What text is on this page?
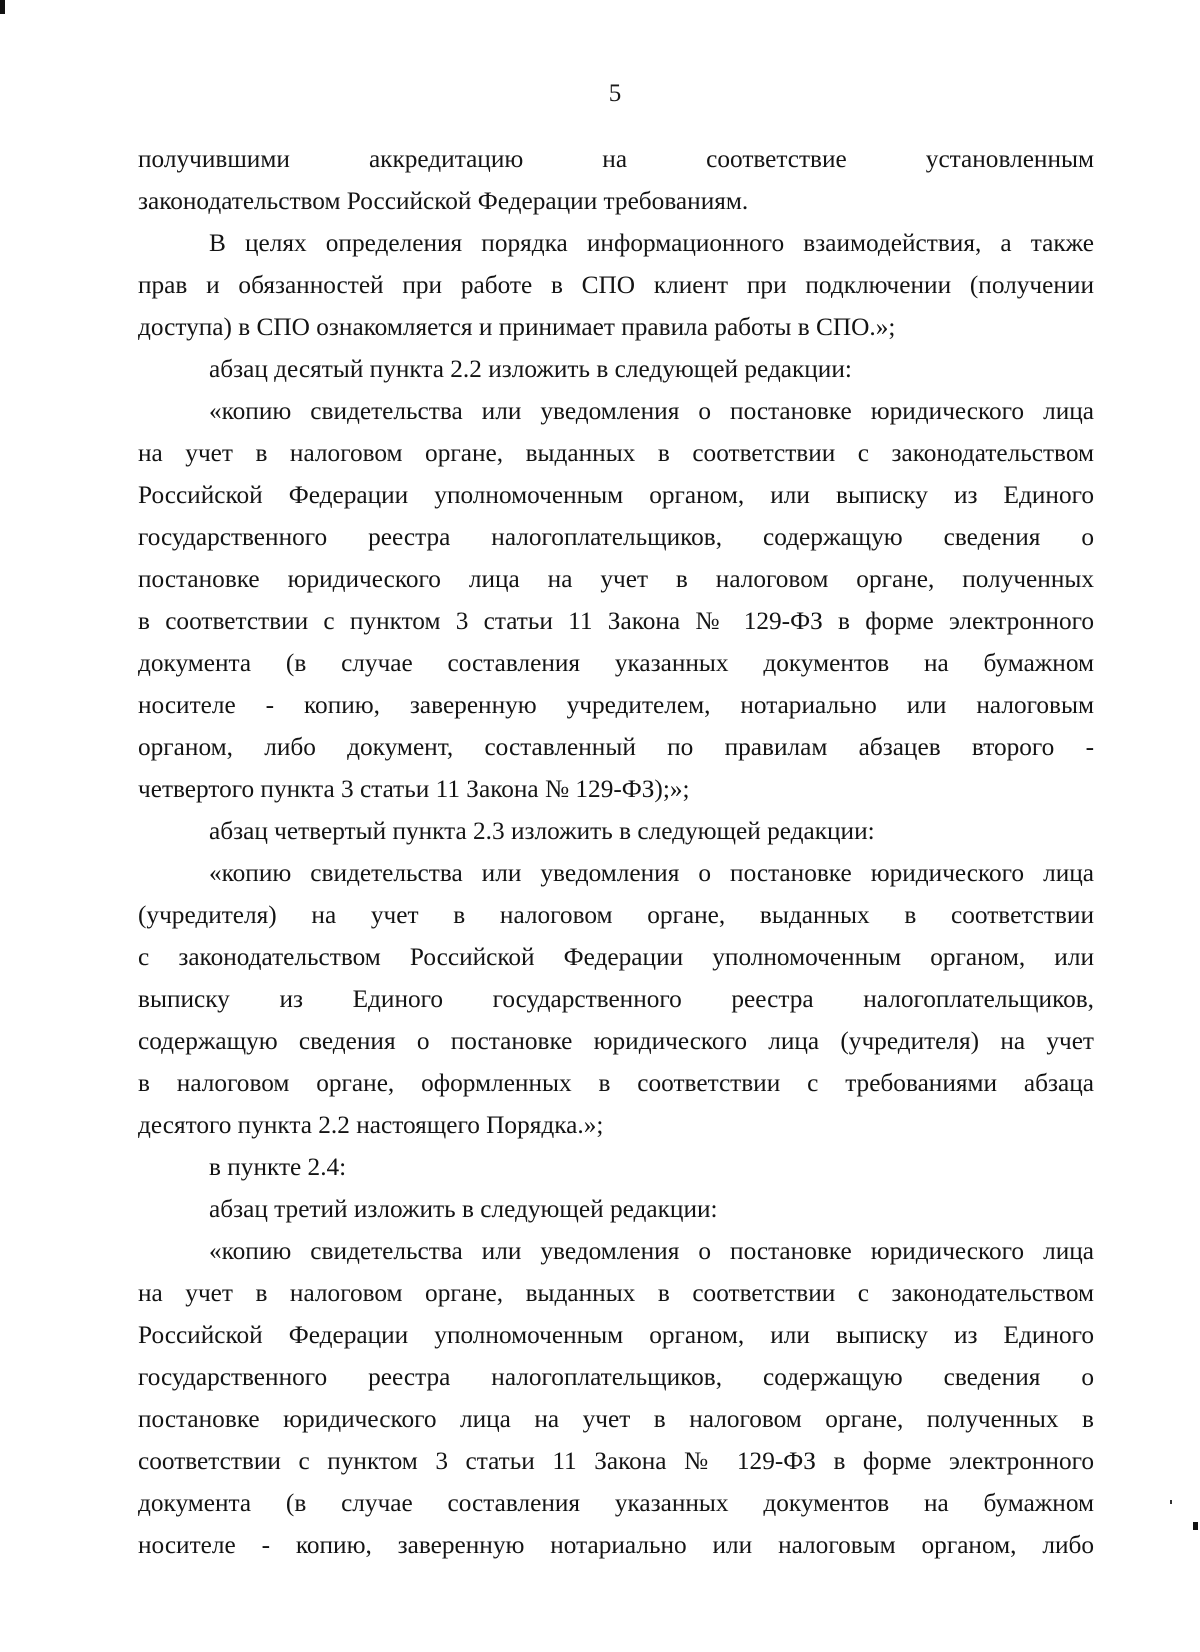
5
получившими аккредитацию на соответствие установленным
законодательством Российской Федерации требованиям.
В целях определения порядка информационного взаимодействия, а также
прав и обязанностей при работе в СПО клиент при подключении (получении
доступа) в СПО ознакомляется и принимает правила работы в СПО.»;
абзац десятый пункта 2.2 изложить в следующей редакции:
«копию свидетельства или уведомления о постановке юридического лица
на учет в налоговом органе, выданных в соответствии с законодательством
Российской Федерации уполномоченным органом, или выписку из Единого
государственного реестра налогоплательщиков, содержащую сведения о
постановке юридического лица на учет в налоговом органе, полученных
в соответствии с пунктом 3 статьи 11 Закона № 129-ФЗ в форме электронного
документа (в случае составления указанных документов на бумажном
носителе - копию, заверенную учредителем, нотариально или налоговым
органом, либо документ, составленный по правилам абзацев второго -
четвертого пункта 3 статьи 11 Закона № 129-ФЗ);»;
абзац четвертый пункта 2.3 изложить в следующей редакции:
«копию свидетельства или уведомления о постановке юридического лица
(учредителя) на учет в налоговом органе, выданных в соответствии
с законодательством Российской Федерации уполномоченным органом, или
выписку из Единого государственного реестра налогоплательщиков,
содержащую сведения о постановке юридического лица (учредителя) на учет
в налоговом органе, оформленных в соответствии с требованиями абзаца
десятого пункта 2.2 настоящего Порядка.»;
в пункте 2.4:
абзац третий изложить в следующей редакции:
«копию свидетельства или уведомления о постановке юридического лица
на учет в налоговом органе, выданных в соответствии с законодательством
Российской Федерации уполномоченным органом, или выписку из Единого
государственного реестра налогоплательщиков, содержащую сведения о
постановке юридического лица на учет в налоговом органе, полученных в
соответствии с пунктом 3 статьи 11 Закона № 129-ФЗ в форме электронного
документа (в случае составления указанных документов на бумажном
носителе - копию, заверенную нотариально или налоговым органом, либо
